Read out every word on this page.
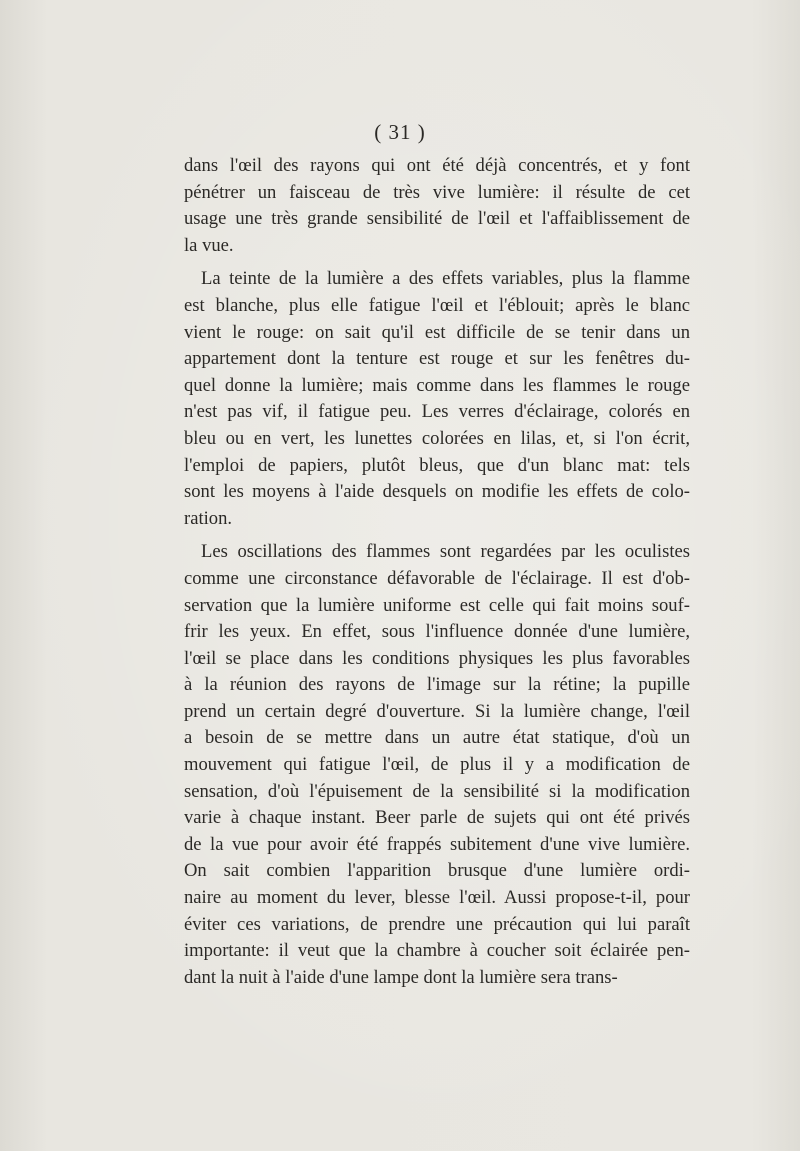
( 31 )
dans l'œil des rayons qui ont été déjà concentrés, et y font
pénétrer un faisceau de très vive lumière: il résulte de cet
usage une très grande sensibilité de l'œil et l'affaiblissement de
la vue.
La teinte de la lumière a des effets variables, plus la flamme
est blanche, plus elle fatigue l'œil et l'éblouit; après le blanc
vient le rouge: on sait qu'il est difficile de se tenir dans un
appartement dont la tenture est rouge et sur les fenêtres du-
quel donne la lumière; mais comme dans les flammes le rouge
n'est pas vif, il fatigue peu. Les verres d'éclairage, colorés en
bleu ou en vert, les lunettes colorées en lilas, et, si l'on écrit,
l'emploi de papiers, plutôt bleus, que d'un blanc mat: tels
sont les moyens à l'aide desquels on modifie les effets de colo-
ration.
Les oscillations des flammes sont regardées par les oculistes
comme une circonstance défavorable de l'éclairage. Il est d'ob-
servation que la lumière uniforme est celle qui fait moins souf-
frir les yeux. En effet, sous l'influence donnée d'une lumière,
l'œil se place dans les conditions physiques les plus favorables
à la réunion des rayons de l'image sur la rétine; la pupille
prend un certain degré d'ouverture. Si la lumière change, l'œil
a besoin de se mettre dans un autre état statique, d'où un
mouvement qui fatigue l'œil, de plus il y a modification de
sensation, d'où l'épuisement de la sensibilité si la modification
varie à chaque instant. Beer parle de sujets qui ont été privés
de la vue pour avoir été frappés subitement d'une vive lumière.
On sait combien l'apparition brusque d'une lumière ordi-
naire au moment du lever, blesse l'œil. Aussi propose-t-il, pour
éviter ces variations, de prendre une précaution qui lui paraît
importante: il veut que la chambre à coucher soit éclairée pen-
dant la nuit à l'aide d'une lampe dont la lumière sera trans-
